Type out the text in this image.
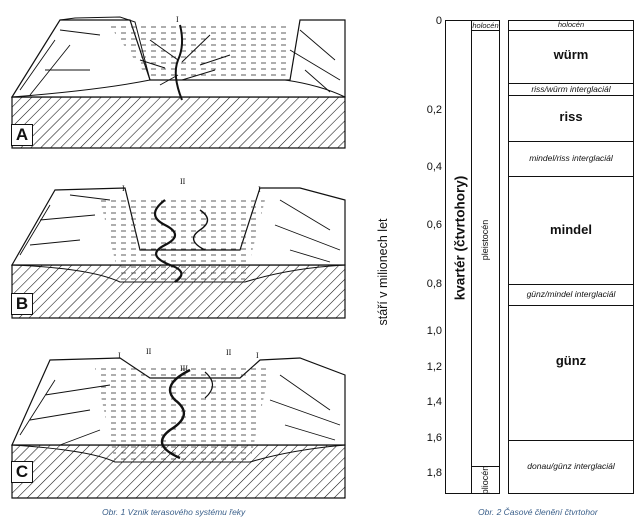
I
I
II
I
I	II
III
II	I
A
B
C
Obr. 1 Vznik terasového systému řeky
stáří v milionech let
0
0,2
0,4
0,6
0,8
1,0
1,2
1,4
1,6
1,8
kvartér (čtvrtohory)
holocén
pleistocén
pliocén
holocén
würm
riss/würm interglaciál
riss
mindel/riss interglaciál
mindel
günz/mindel interglaciál
günz
donau/günz interglaciál
Obr. 2 Časové členění čtvrtohor
